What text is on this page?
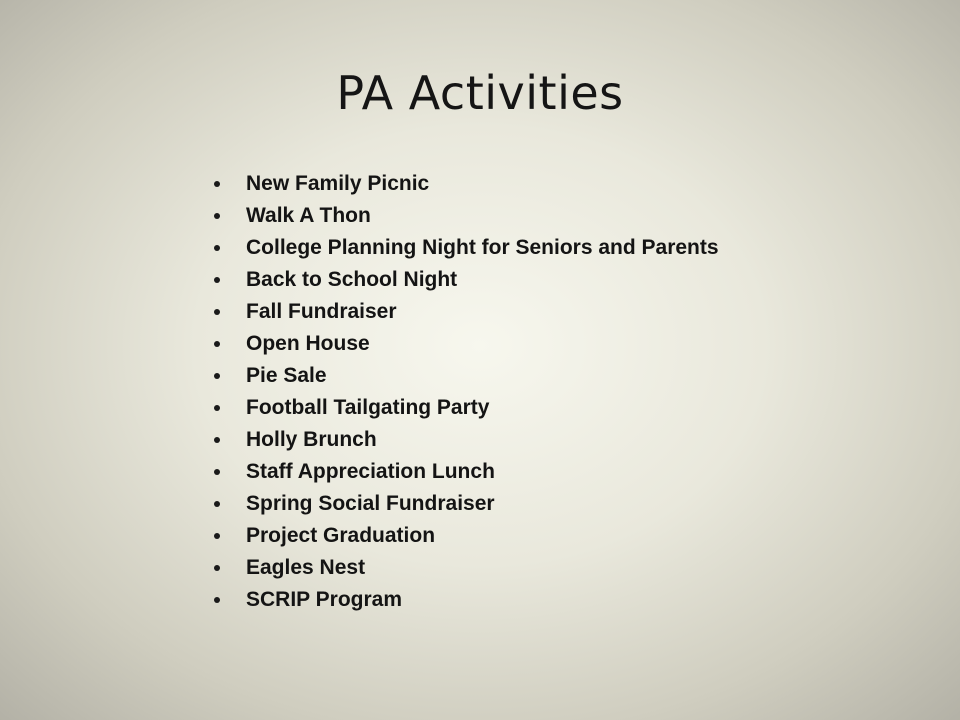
PA Activities
New Family Picnic
Walk A Thon
College Planning Night for Seniors and Parents
Back to School Night
Fall Fundraiser
Open House
Pie Sale
Football Tailgating Party
Holly Brunch
Staff Appreciation Lunch
Spring Social Fundraiser
Project Graduation
Eagles Nest
SCRIP Program
